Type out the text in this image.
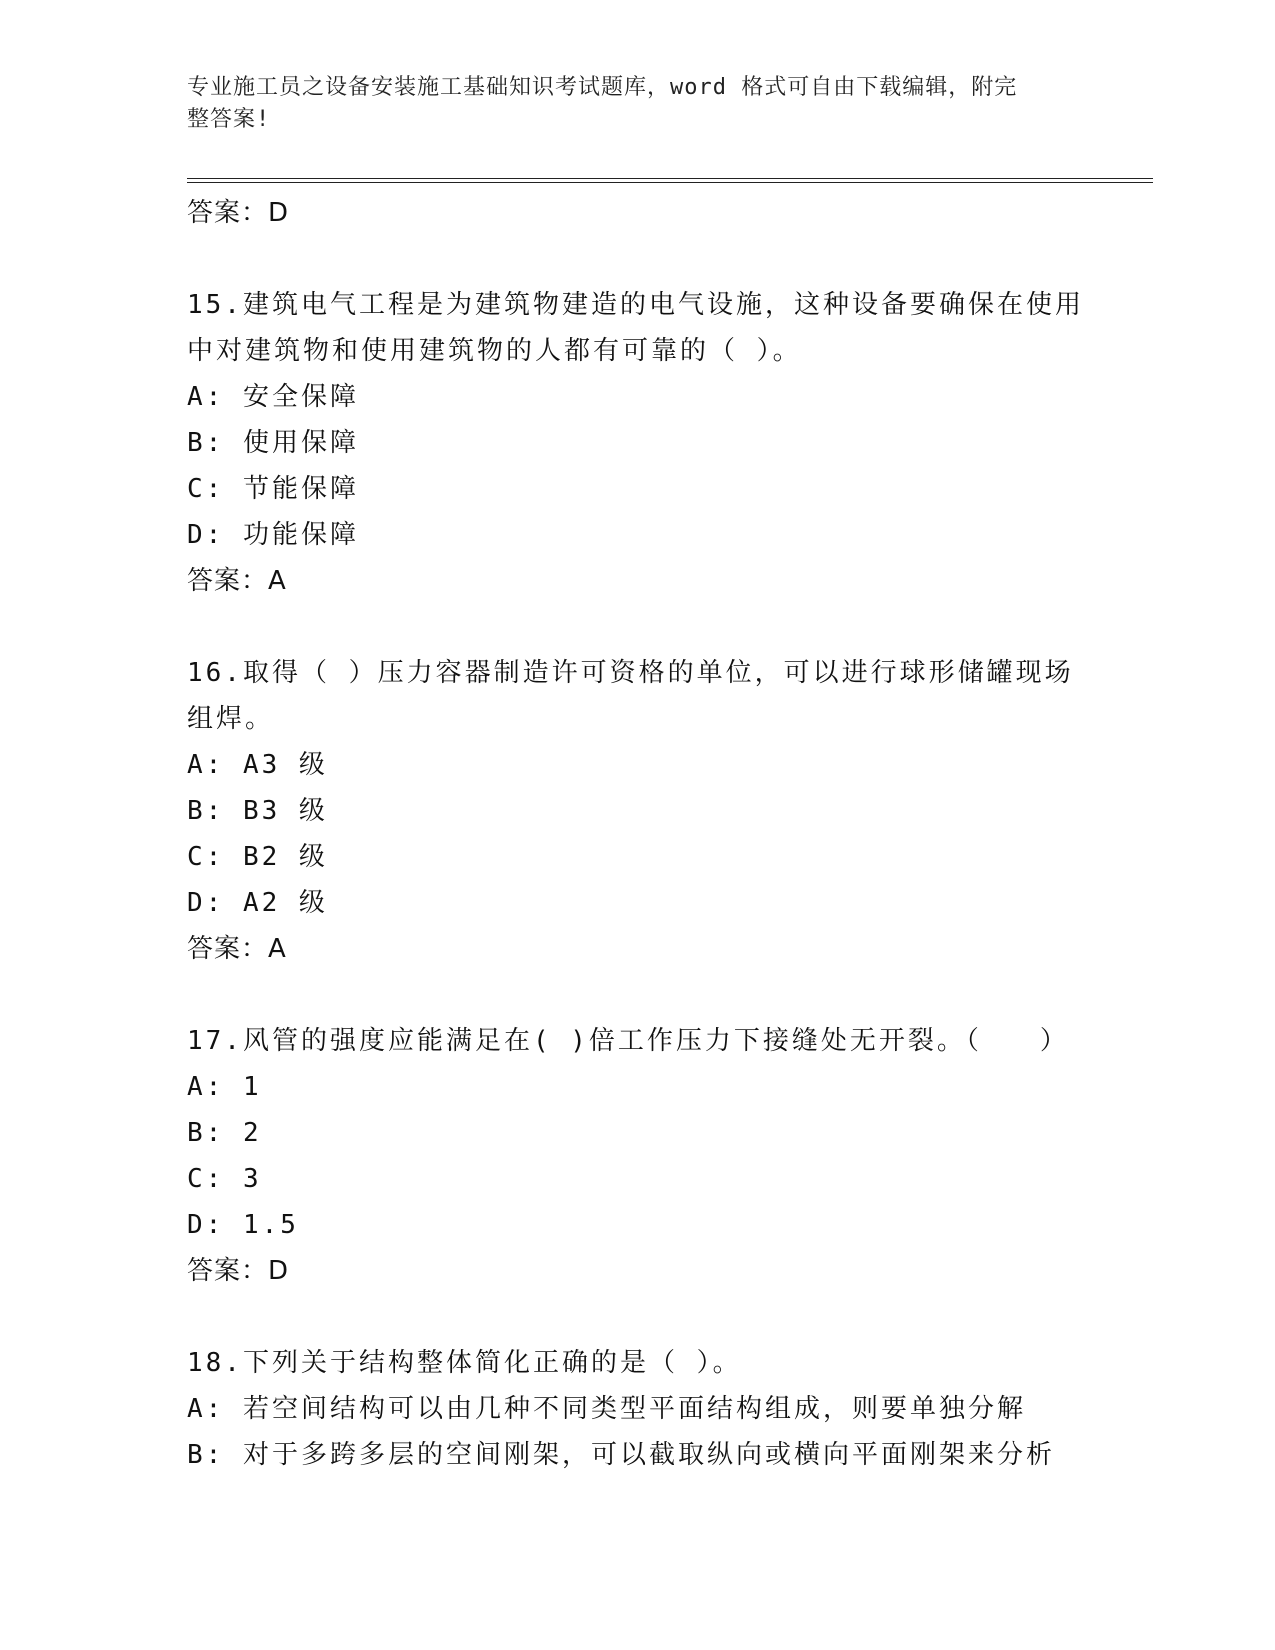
专业施工员之设备安装施工基础知识考试题库，word 格式可自由下载编辑，附完
整答案!
答案：D
15.建筑电气工程是为建筑物建造的电气设施，这种设备要确保在使用
中对建筑物和使用建筑物的人都有可靠的（ ）。
A: 安全保障
B: 使用保障
C: 节能保障
D: 功能保障
答案：A
16.取得（ ）压力容器制造许可资格的单位，可以进行球形储罐现场
组焊。
A: A3 级
B: B3 级
C: B2 级
D: A2 级
答案：A
17.风管的强度应能满足在( )倍工作压力下接缝处无开裂。（　　）
A: 1
B: 2
C: 3
D: 1.5
答案：D
18.下列关于结构整体简化正确的是（ ）。
A: 若空间结构可以由几种不同类型平面结构组成，则要单独分解
B: 对于多跨多层的空间刚架，可以截取纵向或横向平面刚架来分析
